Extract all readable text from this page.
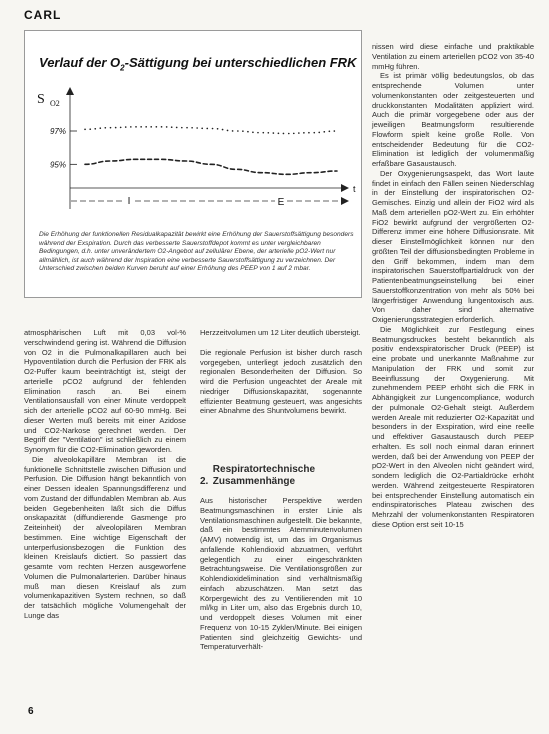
CARL
Verlauf der $O_2$-Sättigung bei unterschiedlichen FRK
S O2
t
97%
95%
I	E
Die Erhöhung der funktionellen Residualkapazität bewirkt eine Erhöhung der Sauerstoffsättigung besonders während der Exspiration. Durch das verbesserte Sauerstoffdepot kommt es unter vergleichbaren Bedingungen, d.h. unter unverändertem O2-Angebot auf zellulärer Ebene, der arterielle pO2-Wert nur allmählich, ist auch während der Inspiration eine verbesserte Sauerstoffsättigung zu verzeichnen. Der Unterschied zwischen beiden Kurven beruht auf einer Erhöhung des PEEP von 1 auf 2 mbar.

atmosphärischen Luft mit 0,03 vol-% verschwindend gering ist. Während die Diffusion von O2 in die Pulmonalkapillaren auch bei Hypoventilation durch die Perfusion der FRK als O2-Puffer kaum beeinträchtigt ist, steigt der arterielle pCO2 aufgrund der fehlenden Elimination rasch an. Bei einem Ventilationsausfall von einer Minute verdoppelt sich der arterielle pCO2 auf 60-90 mmHg. Bei dieser Werten muß bereits mit einer Azidose und CO2-Narkose gerechnet werden. Der Begriff der "Ventilation" ist schließlich zu einem Synonym für die CO2-Elimination geworden.

Die alveolokapilläre Membran ist die funktionelle Schnittstelle zwischen Diffusion und Perfusion. Die Diffusion hängt bekanntlich von einer Dessen idealen Spannungsdifferenz und vom Zustand der diffundablen Membran ab. Aus beiden Gegebenheiten läßt sich die Diffus onskapazität (diffundierende Gasmenge pro Zeiteinheit) der alveolopilären Membran bestimmen. Eine wichtige Eigenschaft der unterperfusionsbezogen die Funktion des kleinen Kreislaufs dictiert. So passiert das gesamte vom rechten Herzen ausgeworfene Volumen die Pulmonalarterien. Darüber hinaus muß man diesen Kreislauf als zum volumenkapazitiven System rechnen, so daß der tatsächlich mögliche Volumengehalt der Lunge das

Herzzeitvolumen um 12 Liter deutlich übersteigt.

Die regionale Perfusion ist bisher durch rasch vorgegeben, unterliegt jedoch zusätzlich den regionalen Besonderheiten der Diffusion. So wird die Perfusion ungeachtet der Areale mit niedriger Diffusionskapazität, sogenannte effizienter Beatmung gesteuert, was angesichts einer Abnahme des Shuntvolumens bewirkt.

2. Respiratortechnische Zusammenhänge

Aus historischer Perspektive werden Beatmungsmaschinen in erster Linie als Ventilationsmaschinen aufgestellt. Die bekannte, daß ein bestimmtes Atemminutenvolumen (AMV) notwendig ist, um das im Organismus anfallende Kohlendioxid abzuatmen, verführt gelegentlich zu einer eingeschränkten Betrachtungsweise. Die Ventilationsgrößen zur Kohlendioxidelimination sind verhältnismäßig einfach abzuschätzen. Man setzt das Körpergewicht des zu Ventilierenden mit 10 ml/kg in Liter um, also das Ergebnis durch 10, und verdoppelt dieses Volumen mit einer Frequenz von 10-15 Zyklen/Minute. Bei einigen Patienten sind gleichzeitig Gewichts- und Temperaturverhält-

nissen wird diese einfache und praktikable Ventilation zu einem arteriellen pCO2 von 35-40 mmHg führen.

Es ist primär völlig bedeutungslos, ob das entsprechende Volumen unter volumenkonstanten oder zeitgesteuerten und druckkonstanten Modalitäten appliziert wird. Auch die primär vorgegebene oder aus der jeweiligen Beatmungsform resultierende Flowform spielt keine große Rolle. Von entscheidender Bedeutung für die CO2-Elimination ist lediglich der volumenmäßig erfaßbare Gasaustausch.

Der Oxygenierungsaspekt, das Wort laute findet in einfach den Fällen seinen Niederschlag in der Einstellung der inspiratorischen O2-Gemisches. Einzig und allein der FiO2 wird als Maß dem arteriellen pO2-Wert zu. Ein erhöhter FiO2 bewirkt aufgrund der vergrößerten O2-Differenz immer eine höhere Diffusionsrate. Mit dieser Einstellmöglichkeit können nur den größten Teil der diffusionsbedingten Probleme in den Griff bekommen, indem man dem inspiratorischen Sauerstoffpartialdruck von der Patientenbeatmungseinstellung bei einer Sauerstoffkonzentration von mehr als 50% bei längerfristiger Anwendung lungentoxisch aus. Von daher sind alternative Oxigenierungsstrategien erforderlich.

Die Möglichkeit zur Festlegung eines Beatmungsdruckes besteht bekanntlich als positiv endexspiratorischer Druck (PEEP) ist eine probate und unerkannte Maßnahme zur Manipulation der FRK und somit zur Beeinflussung der Oxygenierung. Mit zunehmendem PEEP erhöht sich die FRK in Abhängigkeit zur Lungencompliance, wodurch der pulmonale O2-Gehalt steigt. Außerdem werden Areale mit reduzierter O2-Kapazität und besonders in der Exspiration, wird eine reelle und effektiver Gasaustausch durch PEEP erhalten. Es soll noch einmal daran erinnert werden, daß bei der Anwendung von PEEP der pO2-Wert in den Alveolen nicht geändert wird, sondern lediglich die O2-Partialdrücke erhöht werden. Während zeitgesteuerte Respiratoren bei entsprechender Einstellung automatisch ein endinspiratorisches Plateau zwischen des Mehrzahl der volumenkonstanten Respiratoren diese Option erst seit 10-15

6
